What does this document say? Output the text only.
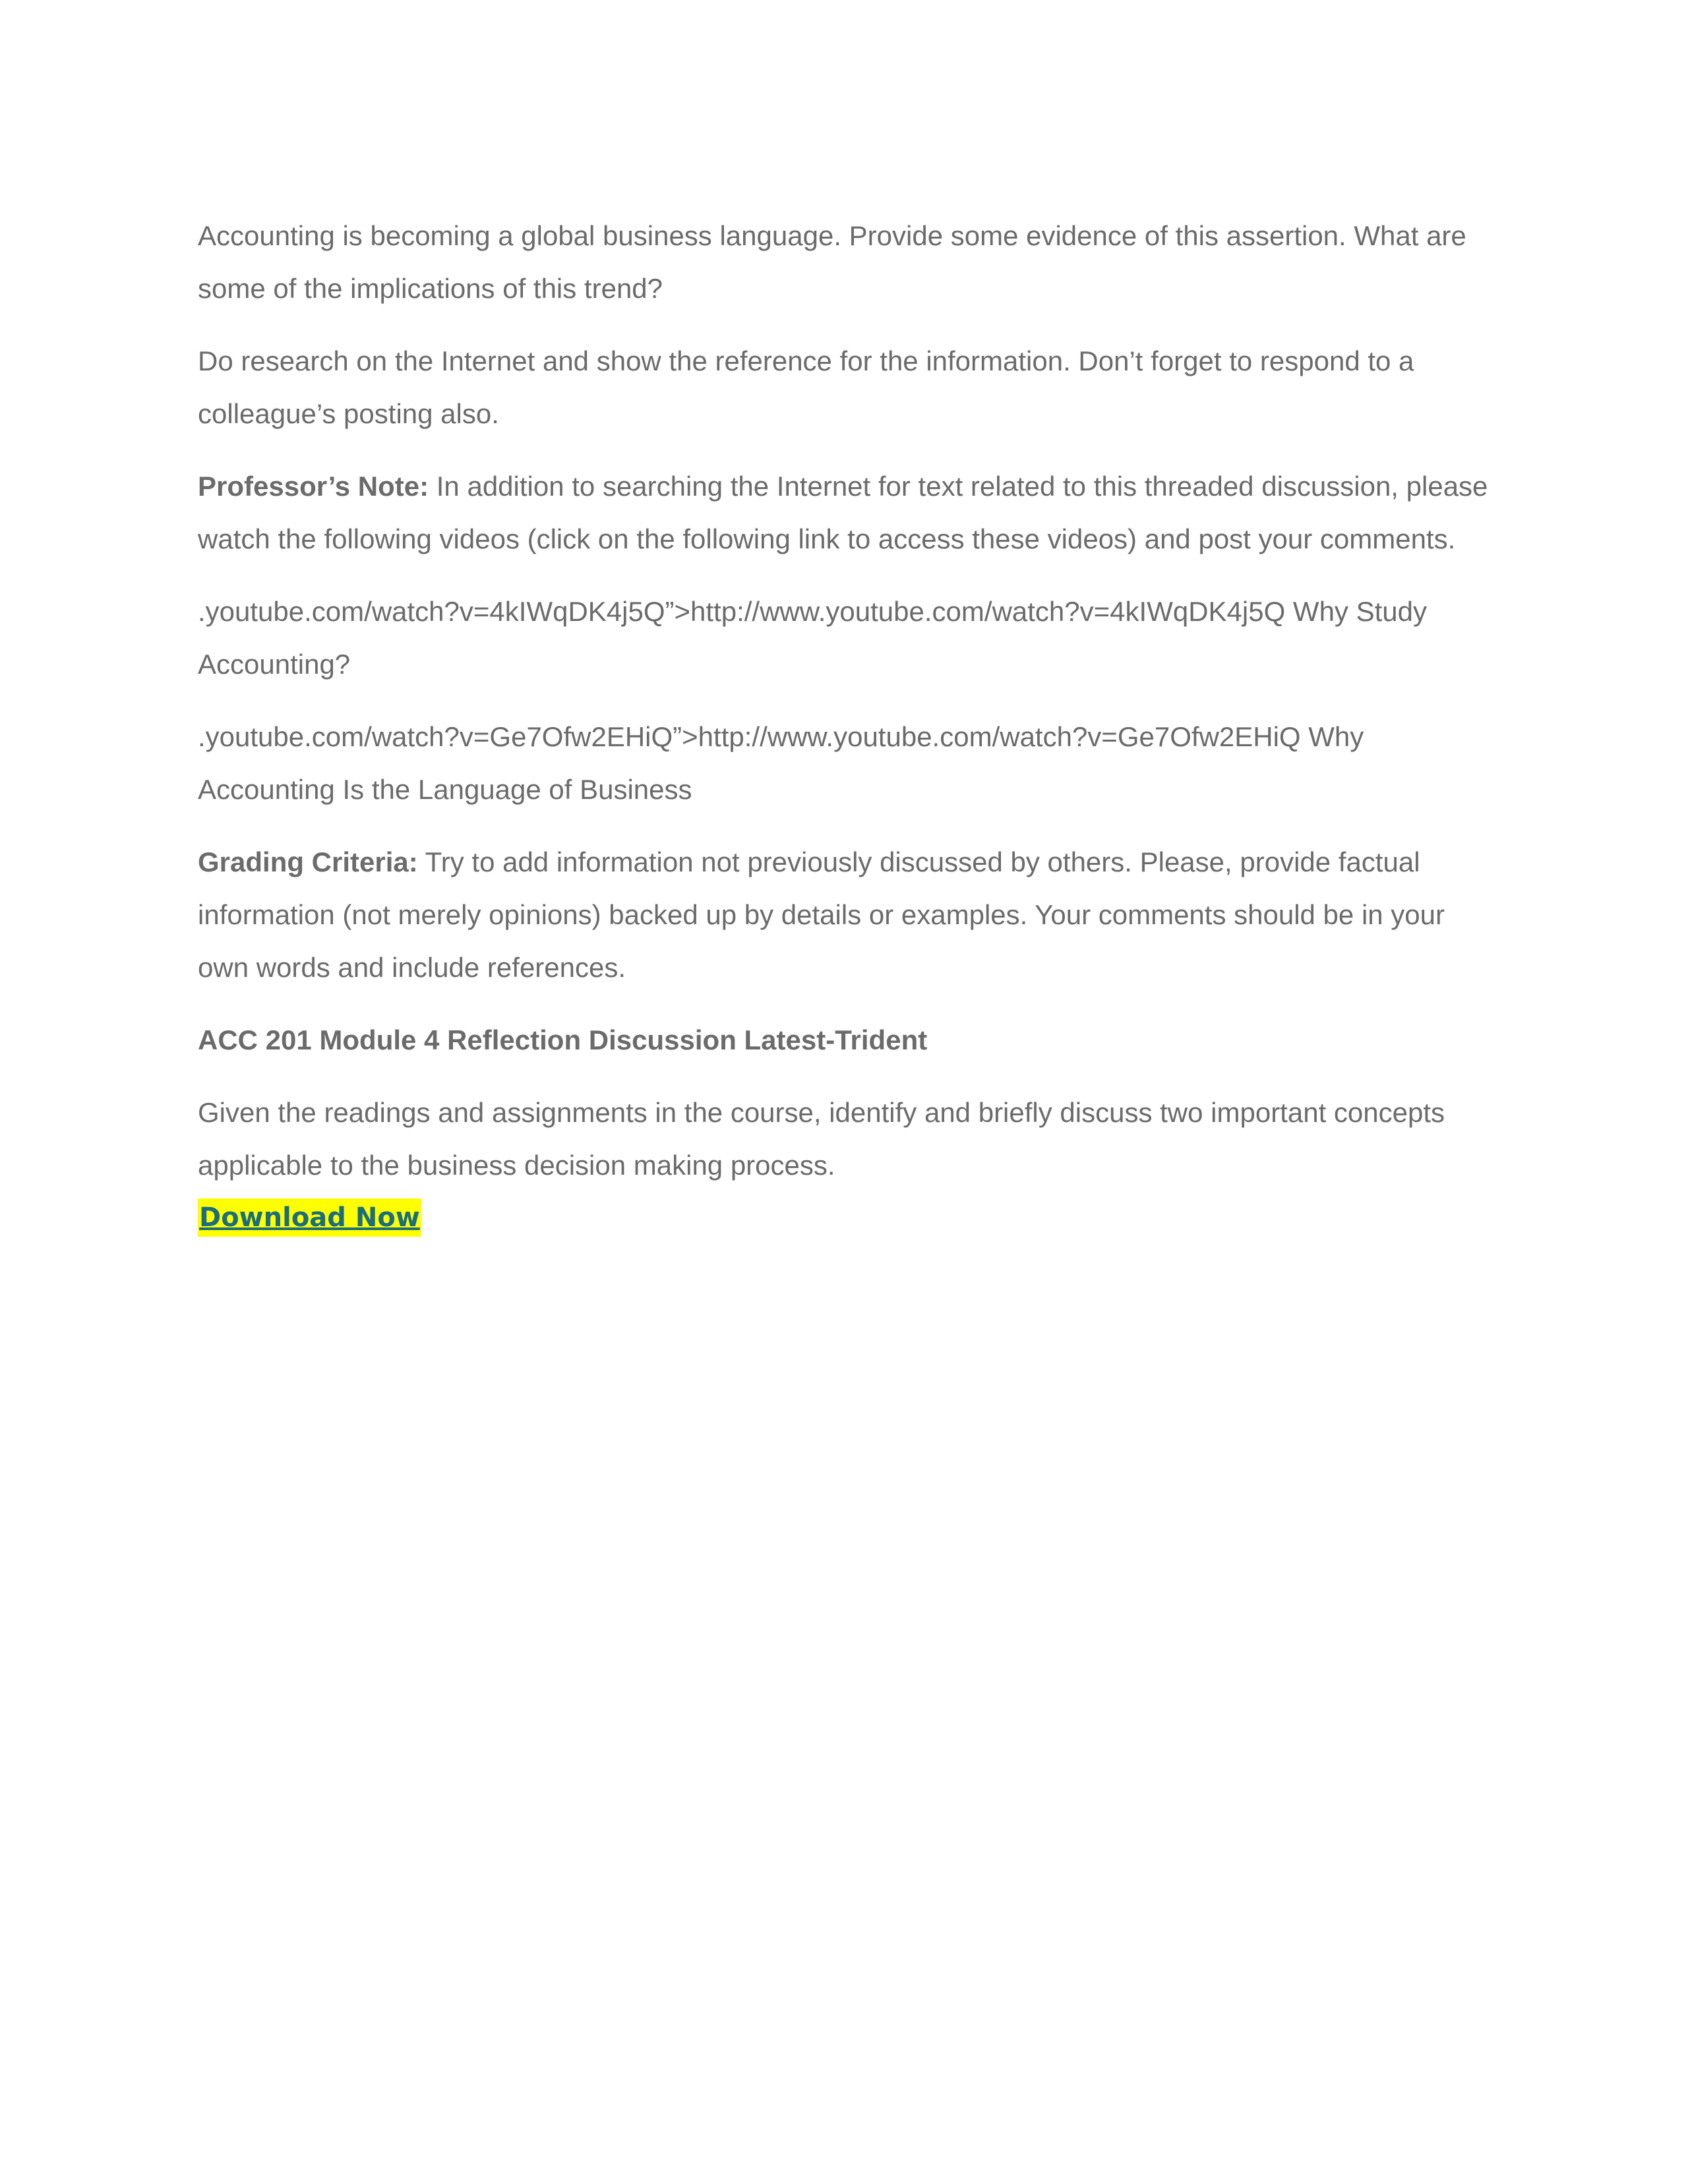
Accounting is becoming a global business language. Provide some evidence of this assertion. What are some of the implications of this trend?

Do research on the Internet and show the reference for the information. Don’t forget to respond to a colleague’s posting also.

Professor’s Note: In addition to searching the Internet for text related to this threaded discussion, please watch the following videos (click on the following link to access these videos) and post your comments.

.youtube.com/watch?v=4kIWqDK4j5Q”>http://www.youtube.com/watch?v=4kIWqDK4j5Q Why Study Accounting?

.youtube.com/watch?v=Ge7Ofw2EHiQ”>http://www.youtube.com/watch?v=Ge7Ofw2EHiQ Why Accounting Is the Language of Business

Grading Criteria: Try to add information not previously discussed by others. Please, provide factual information (not merely opinions) backed up by details or examples. Your comments should be in your own words and include references.

ACC 201 Module 4 Reflection Discussion Latest-Trident

Given the readings and assignments in the course, identify and briefly discuss two important concepts applicable to the business decision making process.

Download Now
